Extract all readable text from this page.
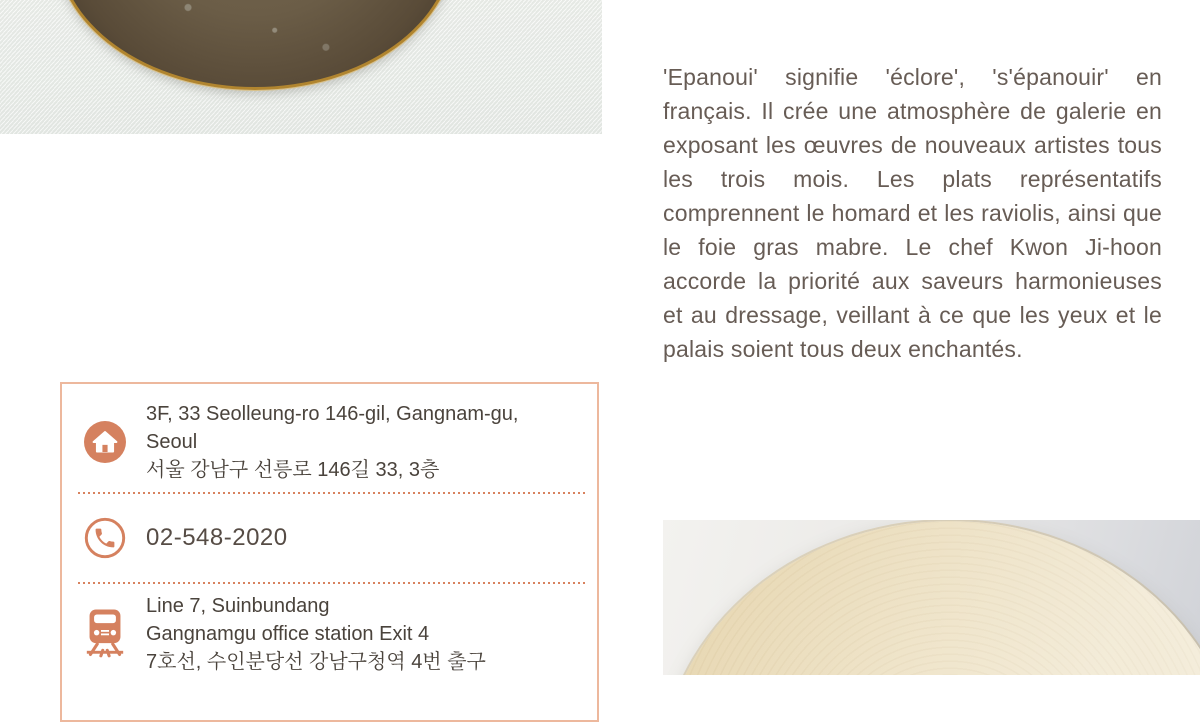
'Epanoui' signifie 'éclore', 's'épanouir' en français. Il crée une atmosphère de galerie en exposant les œuvres de nouveaux artistes tous les trois mois. Les plats représentatifs comprennent le homard et les raviolis, ainsi que le foie gras mabre. Le chef Kwon Ji-hoon accorde la priorité aux saveurs harmonieuses et au dressage, veillant à ce que les yeux et le palais soient tous deux enchantés.

3F, 33 Seolleung-ro 146-gil, Gangnam-gu,
Seoul
서울 강남구 선릉로 146길 33, 3층
02-548-2020
Line 7, Suinbundang
Gangnamgu office station Exit 4
7호선, 수인분당선 강남구청역 4번 출구
